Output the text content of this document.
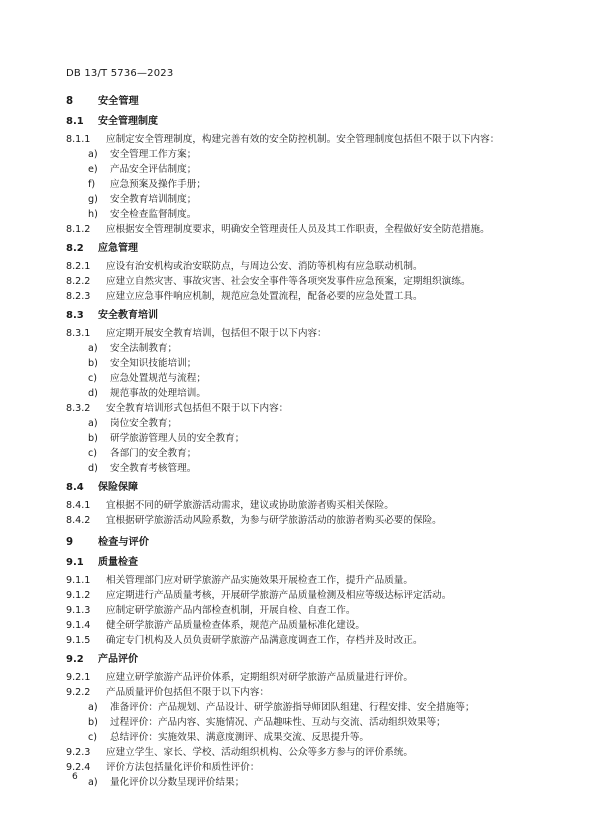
DB 13/T 5736—2023
8 安全管理
8.1 安全管理制度
8.1.1 应制定安全管理制度，构建完善有效的安全防控机制。安全管理制度包括但不限于以下内容：
a) 安全管理工作方案；
e) 产品安全评估制度；
f) 应急预案及操作手册；
g) 安全教育培训制度；
h) 安全检查监督制度。
8.1.2 应根据安全管理制度要求，明确安全管理责任人员及其工作职责，全程做好安全防范措施。
8.2 应急管理
8.2.1 应设有治安机构或治安联防点，与周边公安、消防等机构有应急联动机制。
8.2.2 应建立自然灾害、事故灾害、社会安全事件等各项突发事件应急预案，定期组织演练。
8.2.3 应建立应急事件响应机制，规范应急处置流程，配备必要的应急处置工具。
8.3 安全教育培训
8.3.1 应定期开展安全教育培训，包括但不限于以下内容：
a) 安全法制教育；
b) 安全知识技能培训；
c) 应急处置规范与流程；
d) 规范事故的处理培训。
8.3.2 安全教育培训形式包括但不限于以下内容：
a) 岗位安全教育；
b) 研学旅游管理人员的安全教育；
c) 各部门的安全教育；
d) 安全教育考核管理。
8.4 保险保障
8.4.1 宜根据不同的研学旅游活动需求，建议或协助旅游者购买相关保险。
8.4.2 宜根据研学旅游活动风险系数，为参与研学旅游活动的旅游者购买必要的保险。
9 检查与评价
9.1 质量检查
9.1.1 相关管理部门应对研学旅游产品实施效果开展检查工作，提升产品质量。
9.1.2 应定期进行产品质量考核，开展研学旅游产品质量检测及相应等级达标评定活动。
9.1.3 应制定研学旅游产品内部检查机制，开展自检、自查工作。
9.1.4 健全研学旅游产品质量检查体系，规范产品质量标准化建设。
9.1.5 确定专门机构及人员负责研学旅游产品满意度调查工作，存档并及时改正。
9.2 产品评价
9.2.1 应建立研学旅游产品评价体系，定期组织对研学旅游产品质量进行评价。
9.2.2 产品质量评价包括但不限于以下内容：
a) 准备评价：产品规划、产品设计、研学旅游指导师团队组建、行程安排、安全措施等；
b) 过程评价：产品内容、实施情况、产品趣味性、互动与交流、活动组织效果等；
c) 总结评价：实施效果、满意度测评、成果交流、反思提升等。
9.2.3 应建立学生、家长、学校、活动组织机构、公众等多方参与的评价系统。
9.2.4 评价方法包括量化评价和质性评价：
a) 量化评价以分数呈现评价结果；
6
